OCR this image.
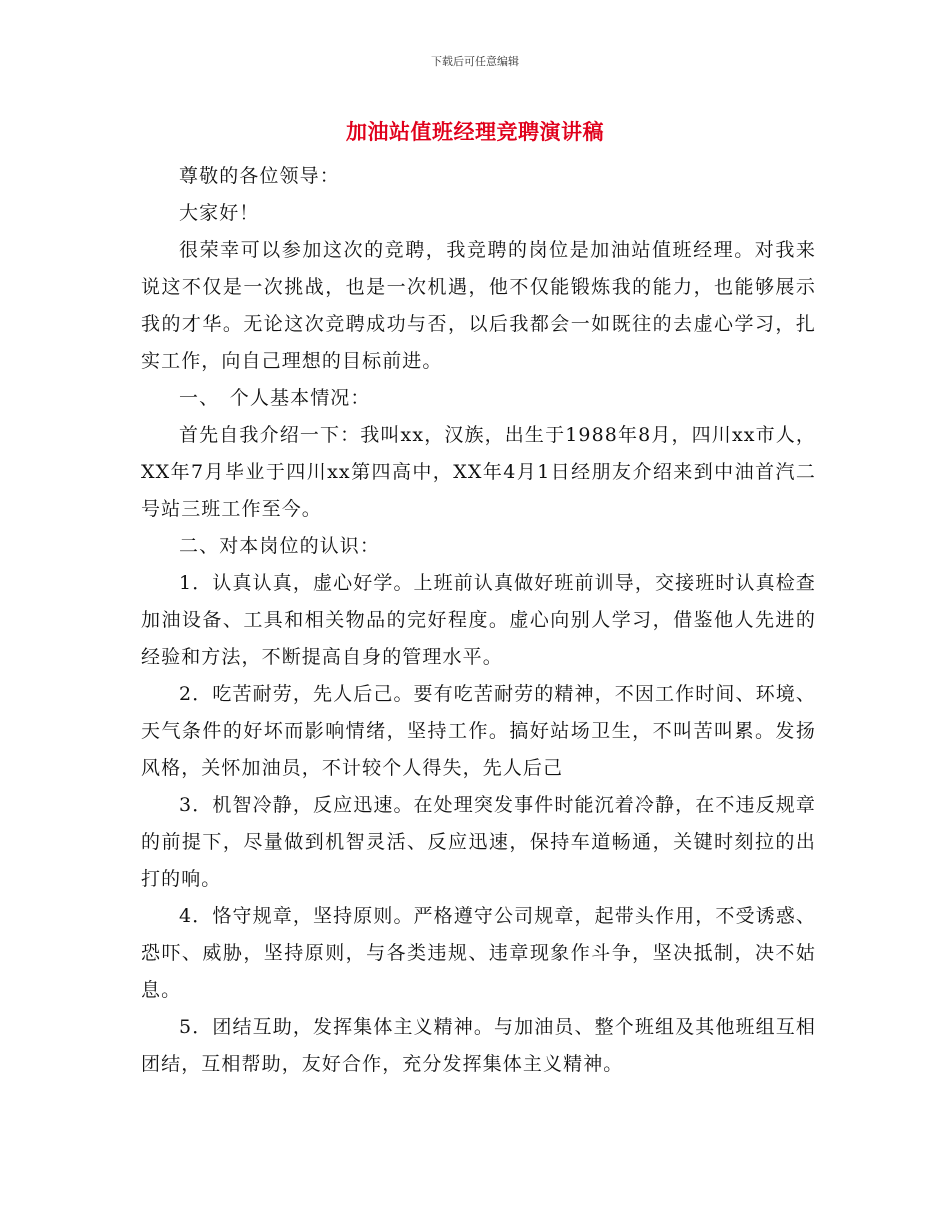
下载后可任意编辑
加油站值班经理竞聘演讲稿

尊敬的各位领导：

大家好！

很荣幸可以参加这次的竞聘，我竞聘的岗位是加油站值班经理。对我来说这不仅是一次挑战，也是一次机遇，他不仅能锻炼我的能力，也能够展示我的才华。无论这次竞聘成功与否，以后我都会一如既往的去虚心学习，扎实工作，向自己理想的目标前进。

一、　个人基本情况：

首先自我介绍一下：我叫xx，汉族，出生于1988年8月，四川xx市人，XX年7月毕业于四川xx第四高中，XX年4月1日经朋友介绍来到中油首汽二号站三班工作至今。

二、对本岗位的认识：

1．认真认真，虚心好学。上班前认真做好班前训导，交接班时认真检查加油设备、工具和相关物品的完好程度。虚心向别人学习，借鉴他人先进的经验和方法，不断提高自身的管理水平。

2．吃苦耐劳，先人后己。要有吃苦耐劳的精神，不因工作时间、环境、天气条件的好坏而影响情绪，坚持工作。搞好站场卫生，不叫苦叫累。发扬风格，关怀加油员，不计较个人得失，先人后己

3．机智冷静，反应迅速。在处理突发事件时能沉着冷静，在不违反规章的前提下，尽量做到机智灵活、反应迅速，保持车道畅通，关键时刻拉的出打的响。

4．恪守规章，坚持原则。严格遵守公司规章，起带头作用，不受诱惑、恐吓、威胁，坚持原则，与各类违规、违章现象作斗争，坚决抵制，决不姑息。

5．团结互助，发挥集体主义精神。与加油员、整个班组及其他班组互相团结，互相帮助，友好合作，充分发挥集体主义精神。
